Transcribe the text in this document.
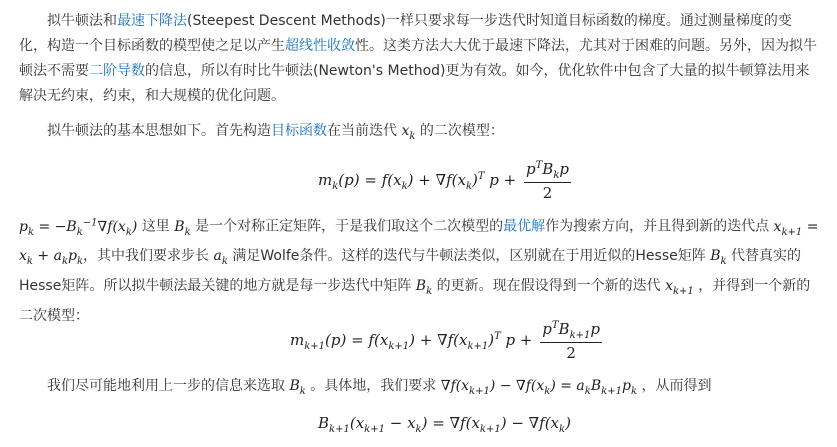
拟牛顿法和最速下降法(Steepest Descent Methods)一样只要求每一步迭代时知道目标函数的梯度。通过测量梯度的变化，构造一个目标函数的模型使之足以产生超线性收敛性。这类方法大大优于最速下降法，尤其对于困难的问题。另外，因为拟牛顿法不需要二阶导数的信息，所以有时比牛顿法(Newton's Method)更为有效。如今，优化软件中包含了大量的拟牛顿算法用来解决无约束，约束，和大规模的优化问题。

拟牛顿法的基本思想如下。首先构造目标函数在当前迭代 $x_k$ 的二次模型：

$m_k(p) = f(x_k) + \nabla f(x_k)^T$ $p + \frac{p^TB_kp}{2}$

$p_k = -B_k^{-1}\nabla f(x_k)$ 这里 $B_k$ 是一个对称正定矩阵，于是我们取这个二次模型的最优解作为搜索方向，并且得到新的迭代点 $x_{k+1} = x_k + a_kp_k$，其中我们要求步长 $a_k$ 满足Wolfe条件。这样的迭代与牛顿法类似，区别就在于用近似的Hesse矩阵 $B_k$ 代替真实的Hesse矩阵。所以拟牛顿法最关键的地方就是每一步迭代中矩阵 $B_k$ 的更新。现在假设得到一个新的迭代 $x_{k+1}$ ，并得到一个新的二次模型：

$m_{k+1}(p) = f(x_{k+1}) + \nabla f(x_{k+1})^T$ $p + \frac{p^TB_{k+1}p}{2}$

我们尽可能地利用上一步的信息来选取 $B_k$ 。具体地，我们要求 $\nabla f(x_{k+1}) - \nabla f(x_k) = a_kB_{k+1}p_k$ ，从而得到

$B_{k+1}(x_{k+1} - x_k) = \nabla f(x_{k+1}) - \nabla f(x_k)$
